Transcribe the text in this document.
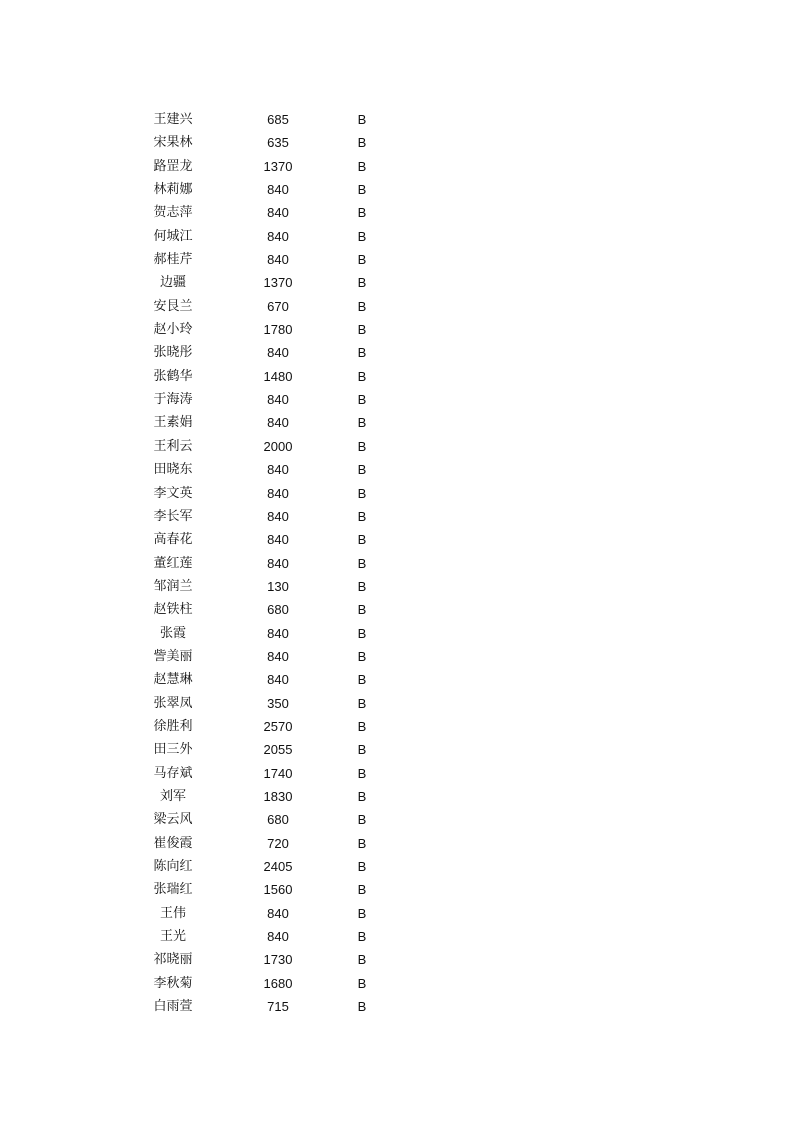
王建兴	685	B
宋果林	635	B
路罡龙	1370	B
林莉娜	840	B
贺志萍	840	B
何城江	840	B
郝桂芹	840	B
边疆	1370	B
安艮兰	670	B
赵小玲	1780	B
张晓彤	840	B
张鹤华	1480	B
于海涛	840	B
王素娟	840	B
王利云	2000	B
田晓东	840	B
李文英	840	B
李长军	840	B
高春花	840	B
董红莲	840	B
邹润兰	130	B
赵铁柱	680	B
张霞	840	B
訾美丽	840	B
赵慧琳	840	B
张翠凤	350	B
徐胜利	2570	B
田三外	2055	B
马存斌	1740	B
刘军	1830	B
梁云风	680	B
崔俊霞	720	B
陈向红	2405	B
张瑞红	1560	B
王伟	840	B
王光	840	B
祁晓丽	1730	B
李秋菊	1680	B
白雨萱	715	B
